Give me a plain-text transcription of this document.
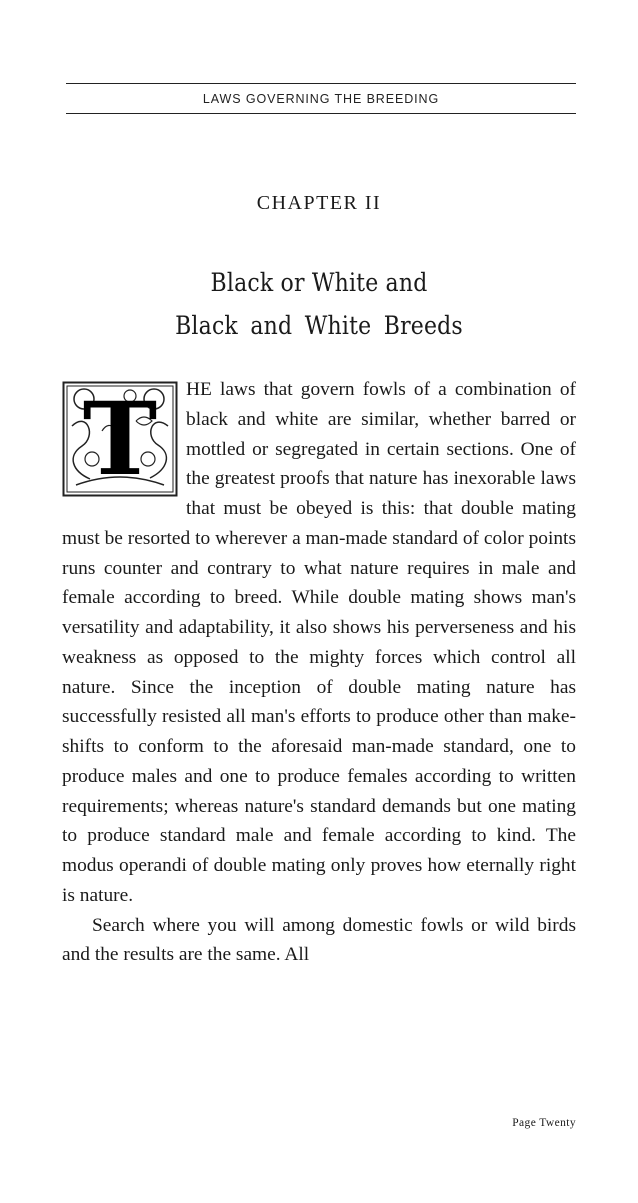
LAWS GOVERNING THE BREEDING
CHAPTER II
Black or White and
Black and White Breeds

T	HE laws that govern fowls of a combination of black and white are similar, whether barred or mottled or segregated in certain sections. One of the greatest proofs that nature has inexorable laws that must be obeyed is this: that double mating must be resorted to wherever a man-made standard of color points runs counter and contrary to what nature requires in male and female according to breed. While double mating shows man's versatility and adaptability, it also shows his perverseness and his weakness as opposed to the mighty forces which control all nature. Since the inception of double mating nature has successfully resisted all man's efforts to produce other than make-shifts to conform to the aforesaid man-made standard, one to produce males and one to produce females according to written requirements; whereas nature's standard demands but one mating to produce standard male and female according to kind. The modus operandi of double mating only proves how eternally right is nature.

Search where you will among domestic fowls or wild birds and the results are the same. All

Page Twenty
